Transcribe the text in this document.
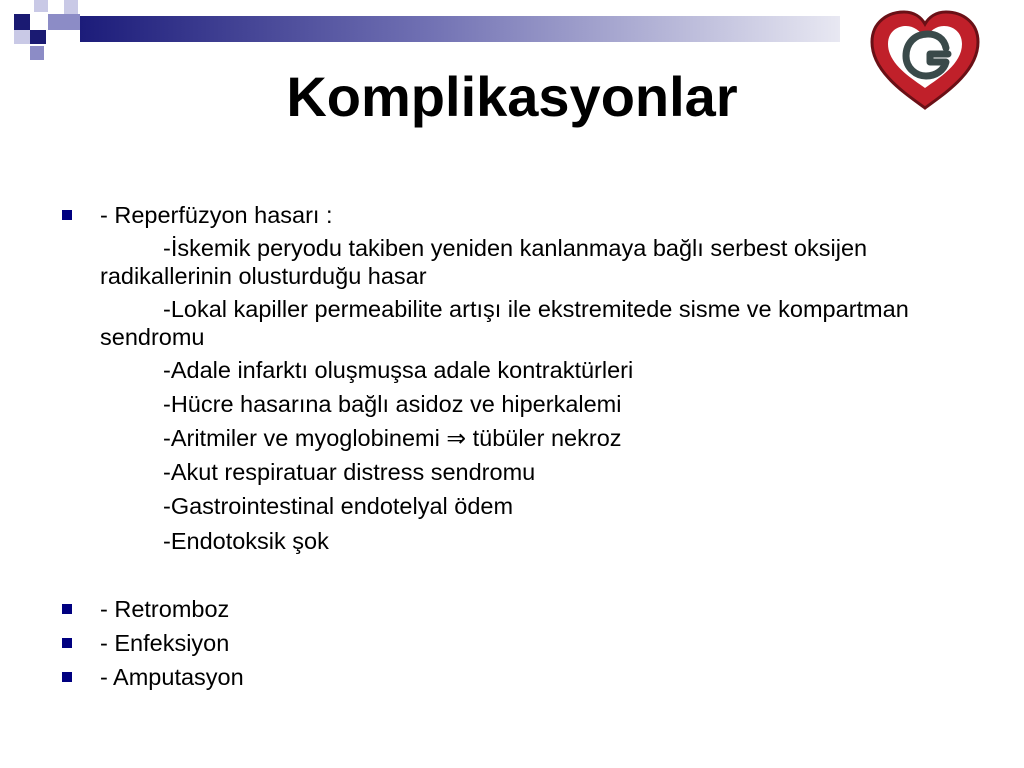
Komplikasyonlar
- Reperfüzyon hasarı :
-İskemik peryodu takiben yeniden kanlanmaya bağlı serbest oksijen radikallerinin olusturduğu hasar
-Lokal kapiller permeabilite artışı ile ekstremitede sisme ve kompartman sendromu
-Adale infarktı oluşmuşsa adale kontraktürleri
-Hücre hasarına bağlı asidoz ve hiperkalemi
-Aritmiler ve myoglobinemi ⇒ tübüler nekroz
-Akut respiratuar distress sendromu
-Gastrointestinal endotelyal ödem
-Endotoksik şok
- Retromboz
- Enfeksiyon
- Amputasyon
